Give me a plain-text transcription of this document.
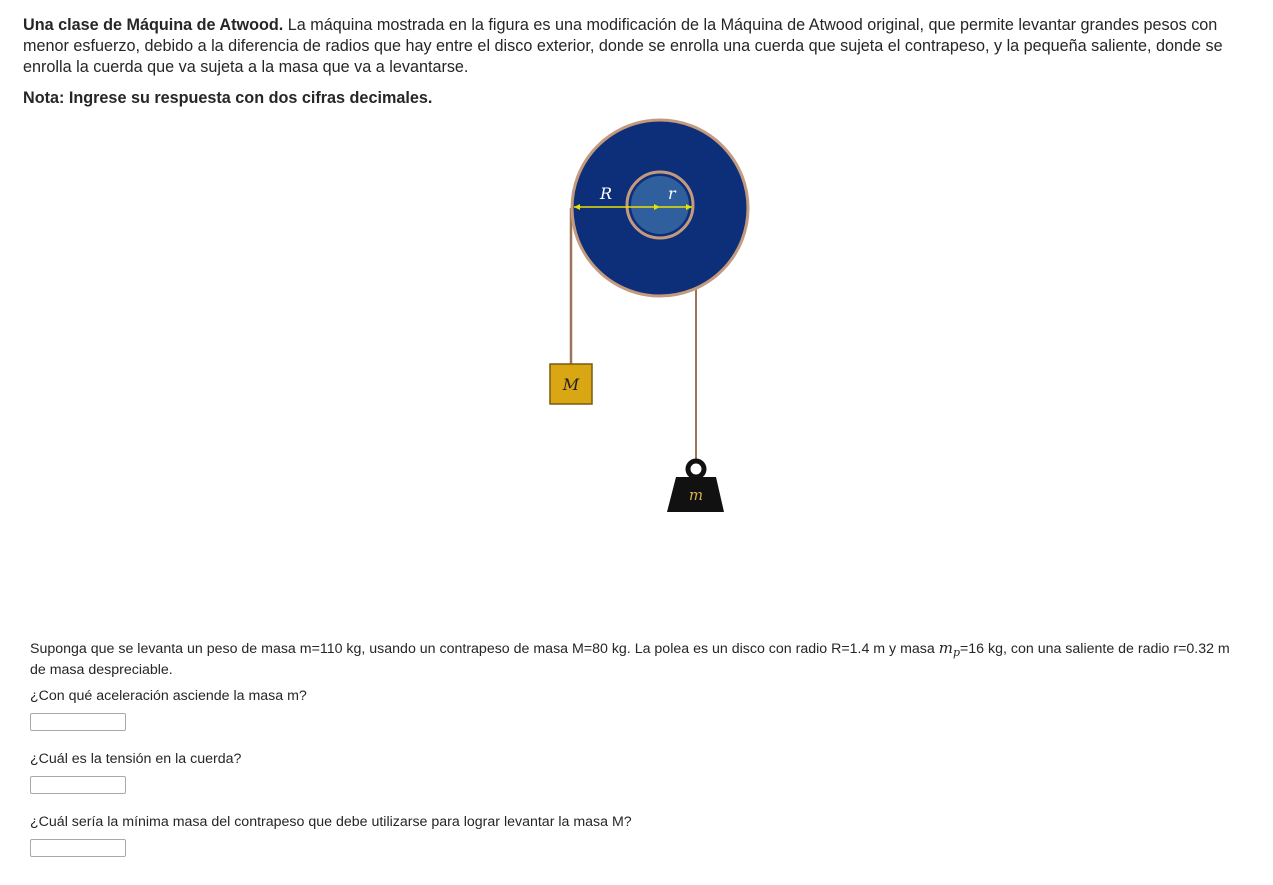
Una clase de Máquina de Atwood. La máquina mostrada en la figura es una modificación de la Máquina de Atwood original, que permite levantar grandes pesos con menor esfuerzo, debido a la diferencia de radios que hay entre el disco exterior, donde se enrolla una cuerda que sujeta el contrapeso, y la pequeña saliente, donde se enrolla la cuerda que va sujeta a la masa que va a levantarse.

Nota: Ingrese su respuesta con dos cifras decimales.

R	r
M
m

Suponga que se levanta un peso de masa m=110 kg, usando un contrapeso de masa M=80 kg. La polea es un disco con radio R=1.4 m y masa $m_p=16$ kg, con una saliente de radio r=0.32 m de masa despreciable.

¿Con qué aceleración asciende la masa m?

¿Cuál es la tensión en la cuerda?

¿Cuál sería la mínima masa del contrapeso que debe utilizarse para lograr levantar la masa M?
